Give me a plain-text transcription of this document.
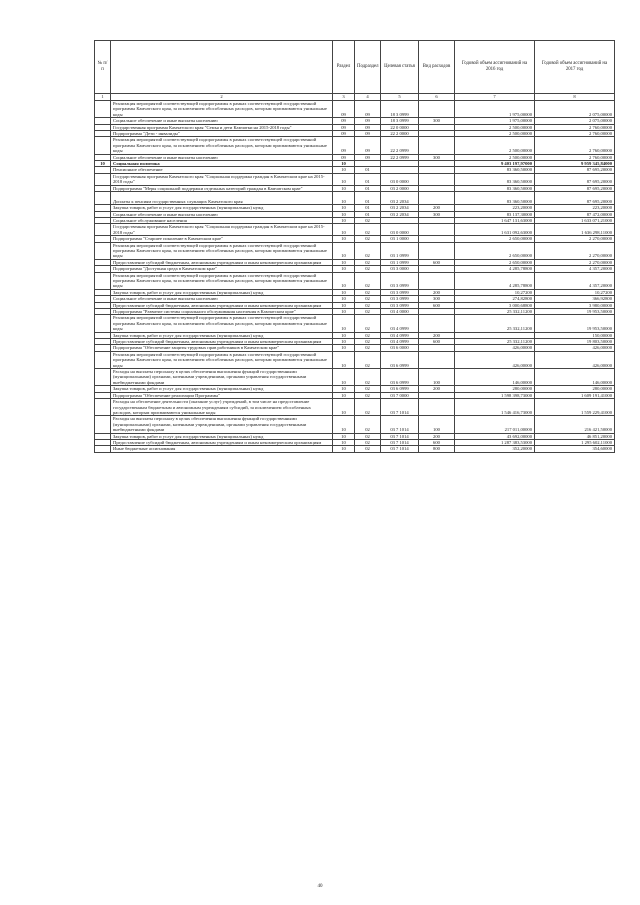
№ п/п		Раздел	Подраздел	Целевая статья	Вид расходов	Годовой объем ассигнований на 2016 год	Годовой объем ассигнований на 2017 год
1	2	3	4	5	6	7	8
	Реализация мероприятий соответствующей подпрограммы в рамках соответствующей государственной программы Камчатского края, за исключением обособленных расходов, которым присваиваются уникальные коды	09	09	18 3 0999		1 975,00000	2 075,00000
	Социальное обеспечение и иные выплаты населению	09	09	18 3 0999	300	1 975,00000	2 075,00000
	Государственная программа Камчатского края "Семья и дети Камчатки на 2015-2018 годы"	09	09	22 0 0000		2 500,00000	2 760,00000
	Подпрограмма "Дети - инвалиды"	09	09	22 2 0000		2 500,00000	2 760,00000
	Реализация мероприятий соответствующей подпрограммы в рамках соответствующей государственной программы Камчатского края, за исключением обособленных расходов, которым присваиваются уникальные коды	09	09	22 2 0999		2 500,00000	2 760,00000
	Социальное обеспечение и иные выплаты населению	09	09	22 2 0999	300	2 500,00000	2 760,00000
10	Социальная политика	10				9 403 197,97000	9 959 345,84000
	Пенсионное обеспечение	10	01			83 360,50000	87 695,20000
	Государственная программа Камчатского края "Социальная поддержка граждан в Камчатском крае на 2015-2018 годы"	10	01	03 0 0000		83 360,50000	87 695,20000
	Подпрограмма "Меры социальной поддержки отдельных категорий граждан в Камчатском крае"	10	01	03 2 0000		83 360,50000	87 695,20000
	Доплаты к пенсиям государственных служащих Камчатского края	10	01	03 2 2034		83 360,50000	87 695,20000
	Закупка товаров, работ и услуг для государственных (муниципальных) нужд	10	01	03 2 2034	200	223,20000	223,20000
	Социальное обеспечение и иные выплаты населению	10	01	03 2 2034	300	83 137,30000	87 472,00000
	Социальное обслуживание населения	10	02			1 647 131,63000	1 633 071,21000
	Государственная программа Камчатского края "Социальная поддержка граждан в Камчатском крае на 2015-2018 годы"	10	02	03 0 0000		1 631 092,63000	1 636 298,11000
	Подпрограмма "Старшее поколение в Камчатском крае"	10	02	03 1 0000		2 650,00000	2 270,00000
	Реализация мероприятий соответствующей подпрограммы в рамках соответствующей государственной программы Камчатского края, за исключением обособленных расходов, которым присваиваются уникальные коды	10	02	03 1 0999		2 650,00000	2 270,00000
	Предоставление субсидий бюджетным, автономным учреждениям и иным некоммерческим организациям	10	02	03 1 0999	600	2 650,00000	2 270,00000
	Подпрограмма "Доступная среда в Камчатском крае"	10	02	03 3 0000		4 285,78800	4 357,20000
	Реализация мероприятий соответствующей подпрограммы в рамках соответствующей государственной программы Камчатского края, за исключением обособленных расходов, которым присваиваются уникальные коды	10	02	03 3 0999		4 285,78800	4 357,20000
	Закупка товаров, работ и услуг для государственных (муниципальных) нужд	10	02	03 3 0999	200	10,27200	10,27200
	Социальное обеспечение и иные выплаты населению	10	02	03 3 0999	300	274,82800	366,92800
	Предоставление субсидий бюджетным, автономным учреждениям и иным некоммерческим организациям	10	02	03 3 0999	600	3 000,68800	3 980,00000
	Подпрограмма "Развитие системы социального обслуживания населения в Камчатском крае"	10	02	03 4 0000		25 332,11200	19 953,50000
	Реализация мероприятий соответствующей подпрограммы в рамках соответствующей государственной программы Камчатского края, за исключением обособленных расходов, которым присваиваются уникальные коды	10	02	03 4 0999		25 332,11200	19 953,50000
	Закупка товаров, работ и услуг для государственных (муниципальных) нужд	10	02	03 4 0999	200		150,00000
	Предоставление субсидий бюджетным, автономным учреждениям и иным некоммерческим организациям	10	02	03 4 0999	600	25 332,11200	19 803,50000
	Подпрограмма "Обеспечение защиты трудовых прав работников в Камчатском крае"	10	02	03 6 0000		426,00000	426,00000
	Реализация мероприятий соответствующей подпрограммы в рамках соответствующей государственной программы Камчатского края, за исключением обособленных расходов, которым присваиваются уникальные коды	10	02	03 6 0999		426,00000	426,00000
	Расходы на выплаты персоналу в целях обеспечения выполнения функций государственными (муниципальными) органами, казенными учреждениями, органами управления государственными внебюджетными фондами	10	02	03 6 0999	100	146,00000	146,00000
	Закупка товаров, работ и услуг для государственных (муниципальных) нужд	10	02	03 6 0999	200	280,00000	280,00000
	Подпрограмма "Обеспечение реализации Программы"	10	02	03 7 0000		1 598 398,73000	1 609 191,41000
	Расходы на обеспечение деятельности (оказание услуг) учреждений, в том числе на предоставление государственным бюджетным и автономным учреждениям субсидий, за исключением обособленных расходов, которым присваиваются уникальные коды	10	02	03 7 1014		1 546 416,73000	1 559 229,41000
	Расходы на выплаты персоналу в целях обеспечения выполнения функций государственными (муниципальными) органами, казенными учреждениями, органами управления государственными внебюджетными фондами	10	02	03 7 1014	100	217 011,00000	216 421,50000
	Закупка товаров, работ и услуг для государственных (муниципальных) нужд	10	02	03 7 1014	200	43 692,00000	46 851,20000
	Предоставление субсидий бюджетным, автономным учреждениям и иным некоммерческим организациям	10	02	03 7 1014	600	1 287 383,53000	1 295 602,11000
	Иные бюджетные ассигнования	10	02	03 7 1014	800	352,20000	354,60000
40
